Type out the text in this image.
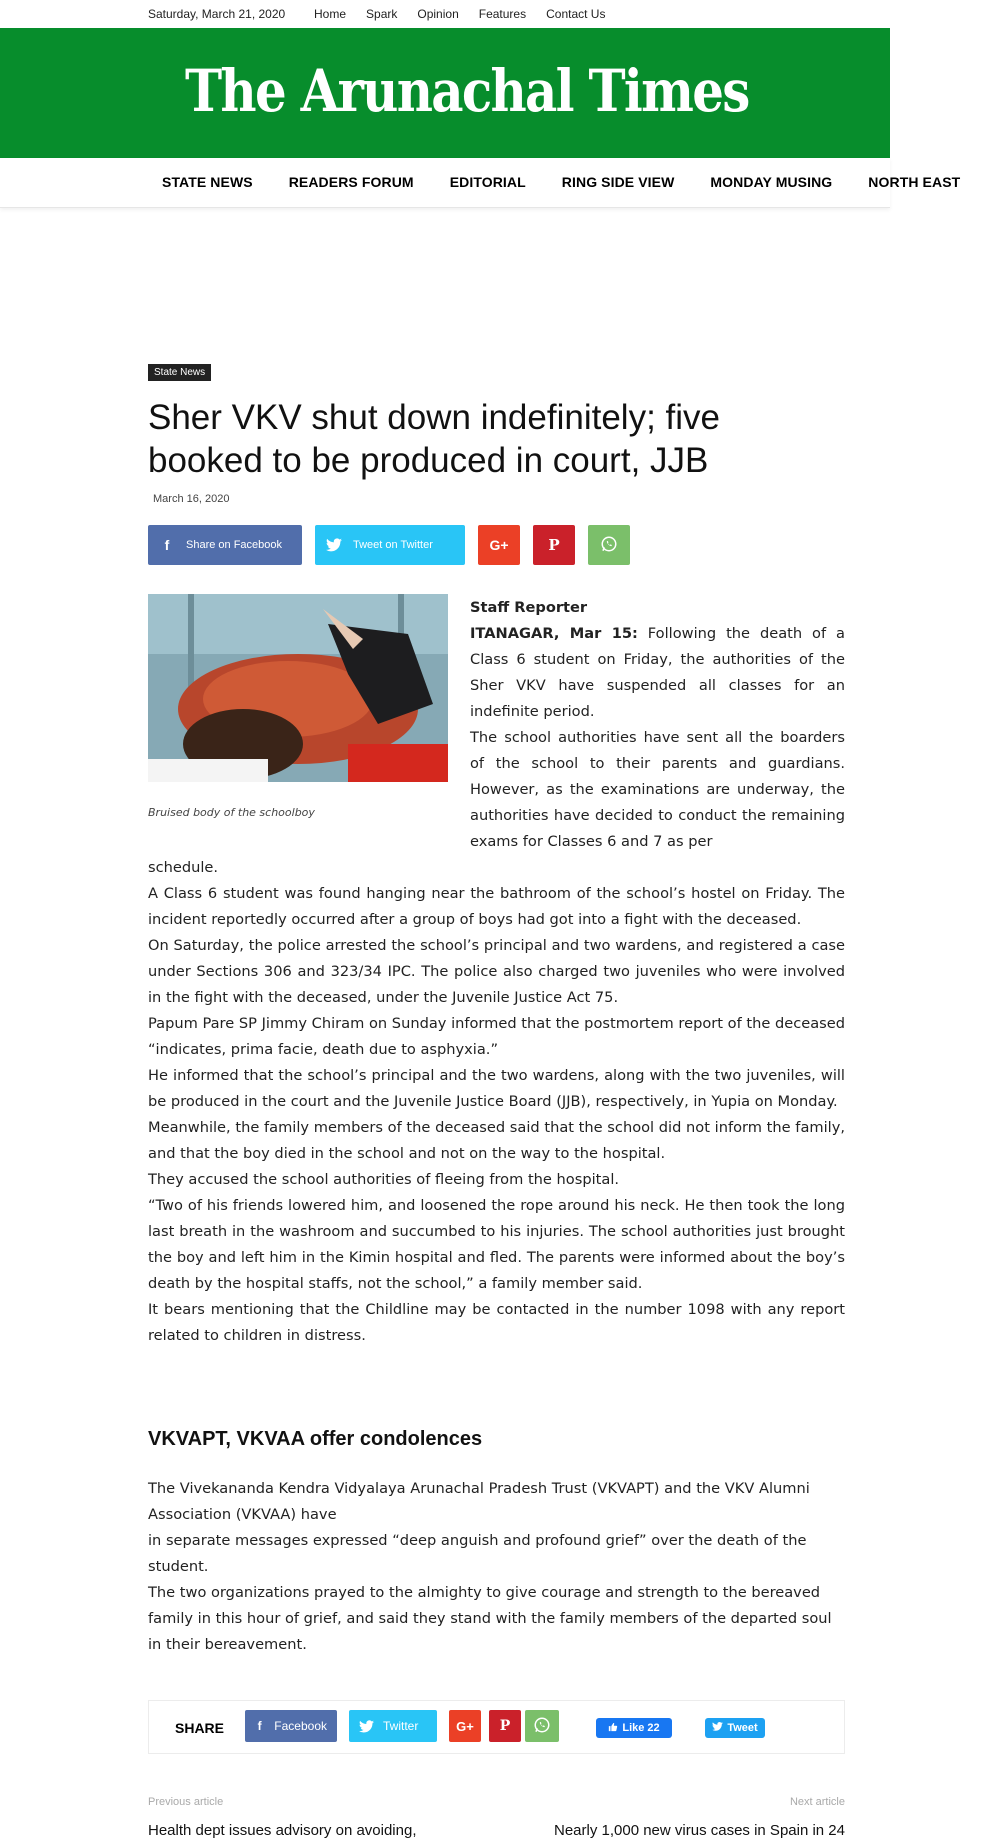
Saturday, March 21, 2020 Home Spark Opinion Features Contact Us
The Arunachal Times
STATE NEWS	READERS FORUM	EDITORIAL	RING SIDE VIEW	MONDAY MUSING	NORTH EAST
State News
Sher VKV shut down indefinitely; five booked to be produced in court, JJB
March 16, 2020
f	Share on Facebook	Tweet on Twitter	G+	P
Bruised body of the schoolboy

Staff Reporter

ITANAGAR, Mar 15: Following the death of a Class 6 student on Friday, the authorities of the Sher VKV have suspended all classes for an indefinite period.

The school authorities have sent all the boarders of the school to their parents and guardians. However, as the examinations are underway, the authorities have decided to conduct the remaining exams for Classes 6 and 7 as per

schedule.

A Class 6 student was found hanging near the bathroom of the school’s hostel on Friday. The incident reportedly occurred after a group of boys had got into a fight with the deceased.

On Saturday, the police arrested the school’s principal and two wardens, and registered a case under Sections 306 and 323/34 IPC. The police also charged two juveniles who were involved in the fight with the deceased, under the Juvenile Justice Act 75.

Papum Pare SP Jimmy Chiram on Sunday informed that the postmortem report of the deceased “indicates, prima facie, death due to asphyxia.”

He informed that the school’s principal and the two wardens, along with the two juveniles, will be produced in the court and the Juvenile Justice Board (JJB), respectively, in Yupia on Monday.

Meanwhile, the family members of the deceased said that the school did not inform the family, and that the boy died in the school and not on the way to the hospital.

They accused the school authorities of fleeing from the hospital.

“Two of his friends lowered him, and loosened the rope around his neck. He then took the long last breath in the washroom and succumbed to his injuries. The school authorities just brought the boy and left him in the Kimin hospital and fled. The parents were informed about the boy’s death by the hospital staffs, not the school,” a family member said.

It bears mentioning that the Childline may be contacted in the number 1098 with any report related to children in distress.

VKVAPT, VKVAA offer condolences

The Vivekananda Kendra Vidyalaya Arunachal Pradesh Trust (VKVAPT) and the VKV Alumni Association (VKVAA) have

in separate messages expressed “deep anguish and profound grief” over the death of the student.

The two organizations prayed to the almighty to give courage and strength to the bereaved family in this hour of grief, and said they stand with the family members of the departed soul in their bereavement.

SHARE	f	Facebook	Twitter	G+ P	Like 22	Tweet
Previous article	Next article
Health dept issues advisory on avoiding,	Nearly 1,000 new virus cases in Spain in 24
